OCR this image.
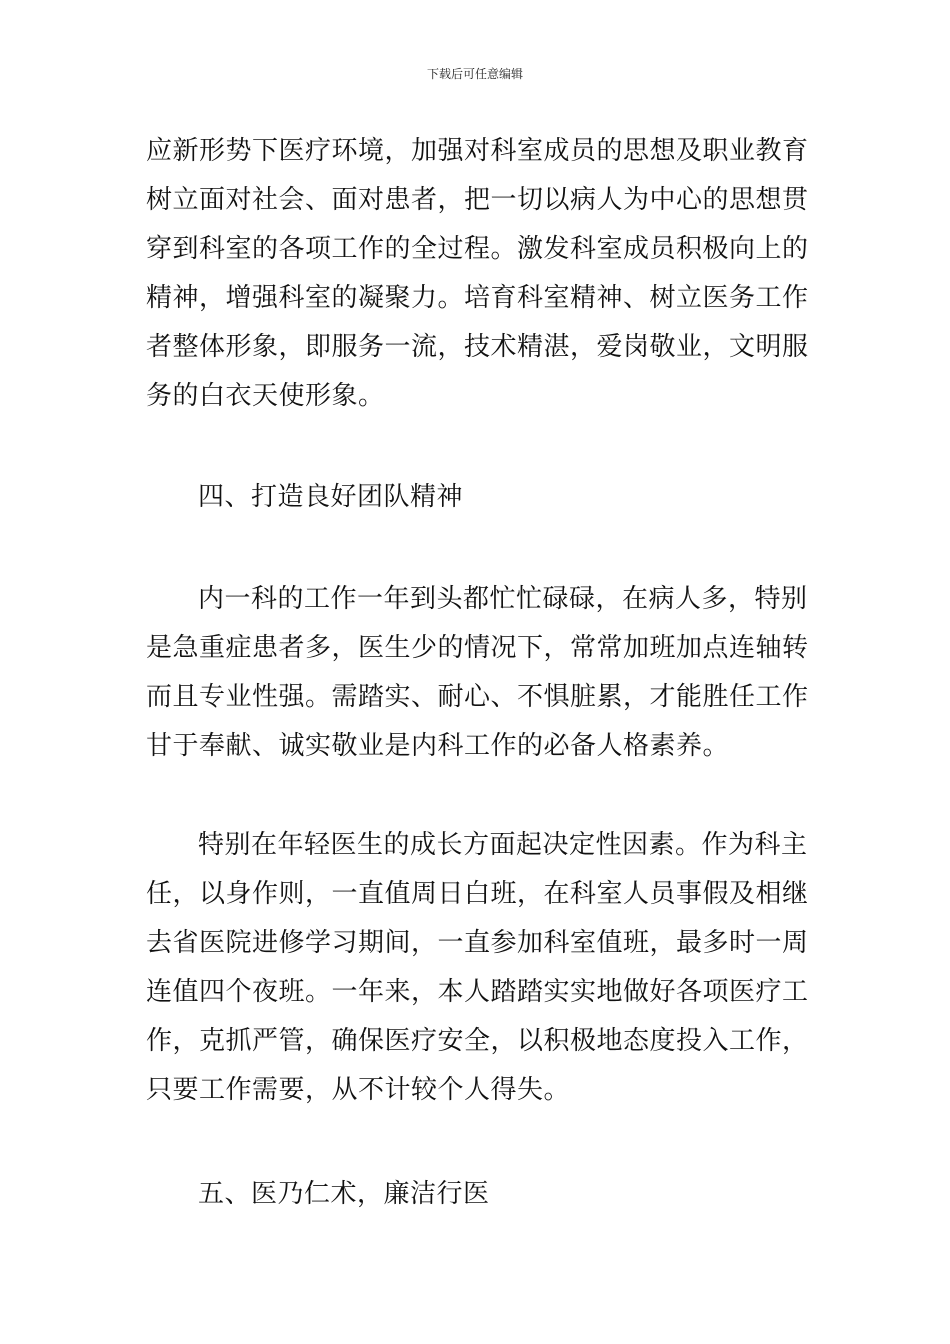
下载后可任意编辑
应新形势下医疗环境，加强对科室成员的思想及职业教育
树立面对社会、面对患者，把一切以病人为中心的思想贯
穿到科室的各项工作的全过程。激发科室成员积极向上的
精神，增强科室的凝聚力。培育科室精神、树立医务工作
者整体形象，即服务一流，技术精湛，爱岗敬业，文明服
务的白衣天使形象。
四、打造良好团队精神
内一科的工作一年到头都忙忙碌碌，在病人多，特别
是急重症患者多，医生少的情况下，常常加班加点连轴转
而且专业性强。需踏实、耐心、不惧脏累，才能胜任工作
甘于奉献、诚实敬业是内科工作的必备人格素养。
特别在年轻医生的成长方面起决定性因素。作为科主
任，以身作则，一直值周日白班，在科室人员事假及相继
去省医院进修学习期间，一直参加科室值班，最多时一周
连值四个夜班。一年来，本人踏踏实实地做好各项医疗工
作，克抓严管，确保医疗安全，以积极地态度投入工作，
只要工作需要，从不计较个人得失。
五、医乃仁术，廉洁行医
